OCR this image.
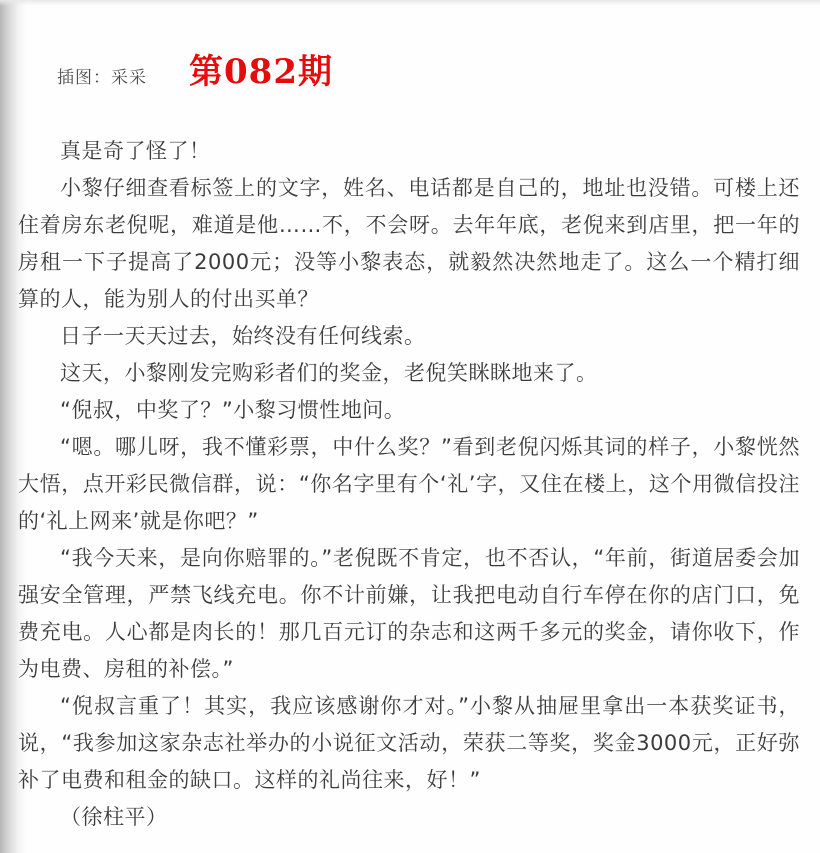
插图：采采 第082期

真是奇了怪了！

小黎仔细查看标签上的文字，姓名、电话都是自己的，地址也没错。可楼上还住着房东老倪呢，难道是他……不，不会呀。去年年底，老倪来到店里，把一年的房租一下子提高了2000元；没等小黎表态，就毅然决然地走了。这么一个精打细算的人，能为别人的付出买单？

日子一天天过去，始终没有任何线索。

这天，小黎刚发完购彩者们的奖金，老倪笑眯眯地来了。

“倪叔，中奖了？”小黎习惯性地问。

“嗯。哪儿呀，我不懂彩票，中什么奖？”看到老倪闪烁其词的样子，小黎恍然大悟，点开彩民微信群，说：“你名字里有个‘礼’字，又住在楼上，这个用微信投注的‘礼上网来’就是你吧？”

“我今天来，是向你赔罪的。”老倪既不肯定，也不否认，“年前，街道居委会加强安全管理，严禁飞线充电。你不计前嫌，让我把电动自行车停在你的店门口，免费充电。人心都是肉长的！那几百元订的杂志和这两千多元的奖金，请你收下，作为电费、房租的补偿。”

“倪叔言重了！其实，我应该感谢你才对。”小黎从抽屉里拿出一本获奖证书，说，“我参加这家杂志社举办的小说征文活动，荣获二等奖，奖金3000元，正好弥补了电费和租金的缺口。这样的礼尚往来，好！”

（徐柱平）
